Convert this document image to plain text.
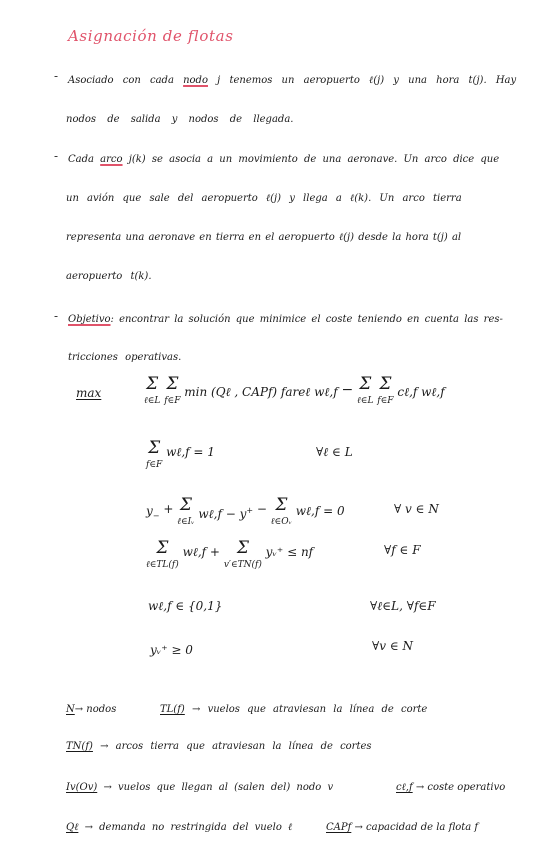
Asignación de flotas
- Asociado con cada nodo j tenemos un aeropuerto ℓ(j) y una hora t(j). Hay
nodos de salida y nodos de llegada.
- Cada arco j(k) se asocia a un movimiento de una aeronave. Un arco dice que
un avión que sale del aeropuerto ℓ(j) y llega a ℓ(k). Un arco tierra
representa una aeronave en tierra en el aeropuerto ℓ(j) desde la hora t(j) al
aeropuerto t(k).
- Objetivo: encontrar la solución que minimice el coste teniendo en cuenta las res-
tricciones operativas.
max	Σ
ℓ∈L Σ
f∈F min (Qℓ , CAPf) fareℓ wℓ,f − Σ
ℓ∈L Σ
f∈F cℓ,f wℓ,f
Σ
f∈F wℓ,f = 1	∀ℓ ∈ L
$y_- + \Sigma$
ℓ∈Iᵥ wℓ,f − y+ − Σ
ℓ∈Oᵥ wℓ,f = 0	∀ v ∈ N
Σ
ℓ∈TL(f) wℓ,f + Σ
v′∈TN(f) yᵥ⁺ ≤ nf	∀f ∈ F
wℓ,f ∈ {0,1}	∀ℓ∈L, ∀f∈F
yᵥ⁺ ≥ 0	∀v ∈ N
N→ nodos	TL(f) → vuelos que atraviesan la línea de corte
TN(f) → arcos tierra que atraviesan la línea de cortes
Iv(Ov) → vuelos que llegan al (salen del) nodo v	cℓ,f → coste operativo
Qℓ → demanda no restringida del vuelo ℓ	CAPf → capacidad de la flota f
